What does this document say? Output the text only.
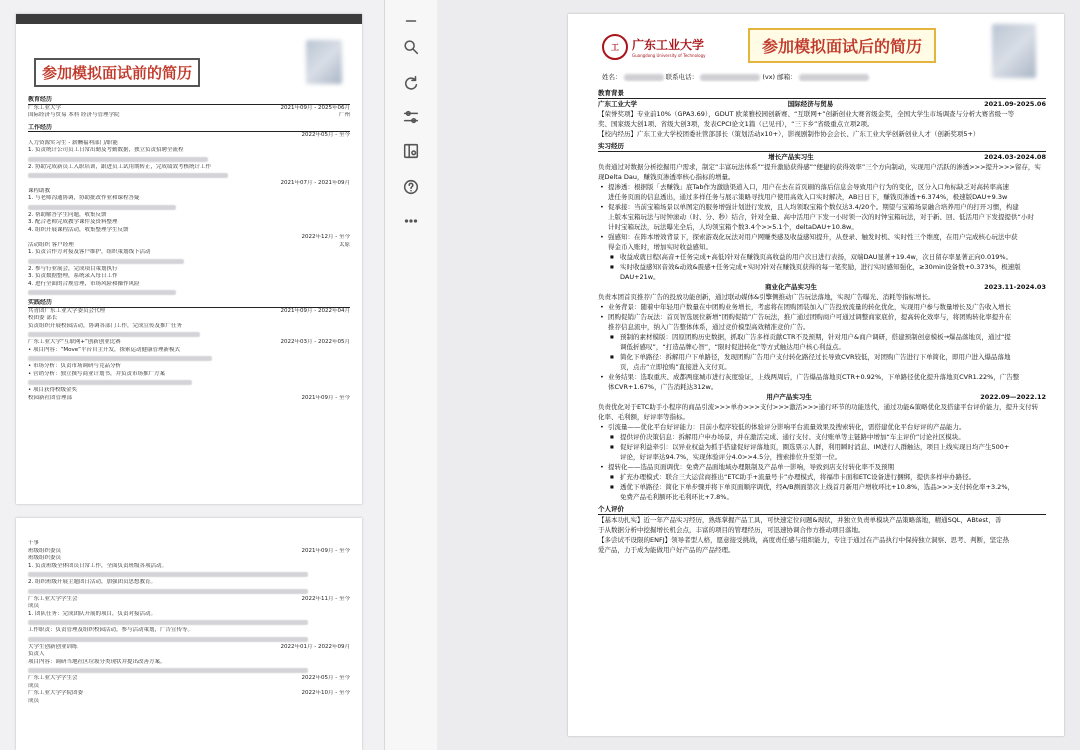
参加模拟面试前的简历
教育经历
广东工业大学	2021年09月 - 2025年06月
国际经济与贸易 本科 经济与管理学院	广州
工作经历
2022年05月 - 至今
人力资源实习生 - 薪酬福利部门/职能
1. 负责统计公司员工日常出勤及考勤数据，独立负责招聘全流程
2. 协助完成新员工入职培训，跟进员工试用期转正，完成绩效考核统计工作
2021年07月 - 2021年09月
课程助教
1. 与老师沟通协调，协助批改作业和课程答疑
2. 帮助解答学生问题，收集反馈
3. 配合老师完成教学课件及资料整理
4. 组织开展课程活动，收集整理学生反馈
2022年12月 - 至今
活动组织 客户经理	太原
1. 负责合作方对接及客户维护，组织策划线下活动
2. 参与行业展会，完成项目策划执行
3. 负责数据整理，系统录入每日工作
4. 进行全面的合规管理，市场风险和操作风险
实践经历
共青团广东工业大学委员会代理	2021年09月 - 2022年04月
校团委 部长
负责组织开展校园活动，协调各部门工作，完成宣传及推广任务
广东工业大学“互联网+”创新创业比赛	2022年03月 - 2022年05月
• 项目内容：“Move”平台自主开发，探索运动健康管理新模式
• 市场分析：负责市场调研与竞品分析
• 营销分析：独立撰写商业计划书，并负责市场推广方案
• 项目获得校级金奖
校园新社团管理部	2021年09月 - 至今
干事
班级组织委员	2021年09月 - 至今
班级组织委员
1. 负责班级全体团员日常工作，全面负责班级各项活动。
2. 组织班级开展主题团日活动，加强团员思想教育。
广东工业大学学生会	2022年11月 - 至今
成员
1. 团队任务：完成团队开展的项目，负责对接活动。
工作职责：负责管理及组织校园活动，参与活动策划，广告宣传等。
大学生创新创业训练	2022年01月 - 2022年09月
负责人
项目内容：调研当地社区垃圾分类现状并提出改善方案。
广东工业大学学生会	2022年05月 - 至今
成员
广东工业大学学院团委	2022年10月 - 至今
成员
工	广东工业大学
Guangdong University of Technology	参加模拟面试后的简历
姓名：	联系电话：	(vx) 邮箱：
教育背景
广东工业大学	国际经济与贸易	2021.09-2025.06
【荣誉奖项】专业前10%（GPA3.69），GDUT 欧莱雅校园创新赛、“互联网+”创新创业大赛省级金奖，全国大学生市场调查与分析大赛省级一等
奖、国家级大创1项、省级大创3项，发表CPCI论文1篇（已见刊），“三下乡”省级重点立项2项。
【校内经历】广东工业大学校团委社管部部长（策划活动x10+），影视剧制作协会会长、广东工业大学创新创业人才（创新奖项5+）
实习经历
增长产品实习生	2024.03-2024.08
负责通过对数据分析挖掘用户需求，制定“丰富玩法体系”“提升激励获得感”“便捷的获得效率”三个方向制动，实现用户活跃的渗透>>>提升>>>留存，实
现Delta Dau，赚钱页渗透率核心指标的增量。
• 提渗透：根据版「去赚钱」底Tab作为激励渠道入口，用户在去在首页刷的落后信息会导致用户行为的变化，区分入口角标缺乏对高转率高速
进任务页面的信息透出，通过多样任务与展示策略寻找用户使用高效入口实时解决，AB日日下，赚钱页渗透+6.374%，极速版DAU+9.3w
• 促承接：当前宝箱场景以单图定的服务增强计划进行发放，且人均领取宝箱个数仅达3.4/20个。期望与宝箱场景融合培养用户的打开习惯，构建
上版本宝箱玩法与时钟滚动（时、分、秒）结合，针对全量、高中活用户下发一小时领一次的时钟宝箱玩法，对于新、回、低活用户下发提提供“小时
计时宝箱玩法，玩法曝光全后，人均领宝箱个数3.4个>>5.1个，deltaDAU+10.8w。
• 强感知：在阵本增效背景下，探索游戏化玩法对用户网赚类感及收益感知提升，从登录、触发时机、实时性三个维度，在用户完成核心玩法中获
得金币入账时，增加实时收益感知。
■ 收益成就日程(高音+任务完成+高低)针对在赚钱页高收益的用户次日进行表扬，双端DAU显著+19.4w，次日留存率显著正向0.019%。
■ 实时收益感知(音效&动效&震感+任务完成+实时)针对在赚钱页获得的每一笔奖励，进行实时感知强化，≥30min设备数+0.373%，极速版
DAU+21w。
商业化产品实习生	2023.11-2024.03
负责本团首页推荐广告的投放功能创新，通过联动媒体&引擎侧推动广告玩法落地，实现广告曝光、消耗等指标增长。
• 业务背景：随着中年轻用户数量在中团购业务增长，考虑将在团购团装加入广告投放流量的转化优化，实现用户参与数量增长及广告收入增长
• 团购促销广告玩法：首页智选展位新增“团购促销”广告玩法，推广通过团购商户可通过调整商家底价，提高转化效率与，将团购转化率提升在
推荐信息流中，纳入广告整体体系，通过竞价模型高效精准竞价广告。
■ 预制的素材模版：因原团购历史数据，抓取广告多样贡献CTR不及预期，针对用户&商户调研，搭建预制创意模板→爆品落地页，通过“提
调低折感叹”，“打造品牌心智”，“限时促进转化”等方式触达用户核心利益点。
■ 简化下单路径：拆解用户下单路径，发现团购广告用户支付转化路径过长导致CVR较低，对团购广告进行下单简化，即用户进入爆品落地
页，点击“立即抢购”直接进入支付页。
• 业务结果：选取重庆、成都两座城市进行灰度验证，上线两周后，广告爆品落地页CTR+0.92%，下单路径优化提升落地页CVR1.22%，广告整
体CVR+1.67%，广告消耗达312w。
用户产品实习生	2022.09—2022.12
负责优化对于ETC助手小程序的商品引流>>>单办>>>支付>>>激活>>>通行环节的功能迭代，通过功能&策略优化及搭建平台评价能力，提升支付转
化率、毛利额，好评率等指标。
• 引流量——优化平台好评能力：目前小程序较低的体验评分影响平台流量效果及搜索转化，需搭建优化平台好评的产品能力。
■ 提供评价决策信息：拆解用户申办场景，并在激活完成、通行支付、支付账单等主链路中增加“车主评价”讨论社区模块。
■ 促好评利益牵引：以异业权益为抓手搭建促好评落地页，圈选票示人群，利用瞬时消息、IM进行人群触达，项目上线实现日均产生500+
评论，好评率达94.7%，实现体验评分4.0>>4.5分，搜索排位升至第一位。
• 提转化——选品页面调优：免费产品面地域办理限制及产品单一影响，导致到店支付转化率不及预期
■ 扩充办理模式：联合三大运营商推出“ETC助手+流量号卡”办理模式，将福串卡面和ETC设备进行捆绑，提供多样申办路径。
■ 透优下单路径：简化下单步骤并将下单页面顺序调优，经A/B测面第次上线首月新用户增收环比+10.8%，选品>>>支付转化率+3.2%，
免费产品毛利额环比毛利环比+7.8%。
个人评价
【基本功扎实】近一年产品实习经历，熟练掌握产品工具，可快速定位问题&现状，并独立负责单模块产品策略落地，精通SQL，ABtest，善
于从数据分析中挖掘增长机会点，丰富的项目的管理经历，可迅速协调合作方推动项目落地。
【多尝试不设限的ENFJ】领导者型人格，愿意接受挑战，高度责任感与组织能力，专注于通过在产品执行中保持独立洞察、思考、判断，坚定热
爱产品，力于成为能做用户好产品的产品经理。
